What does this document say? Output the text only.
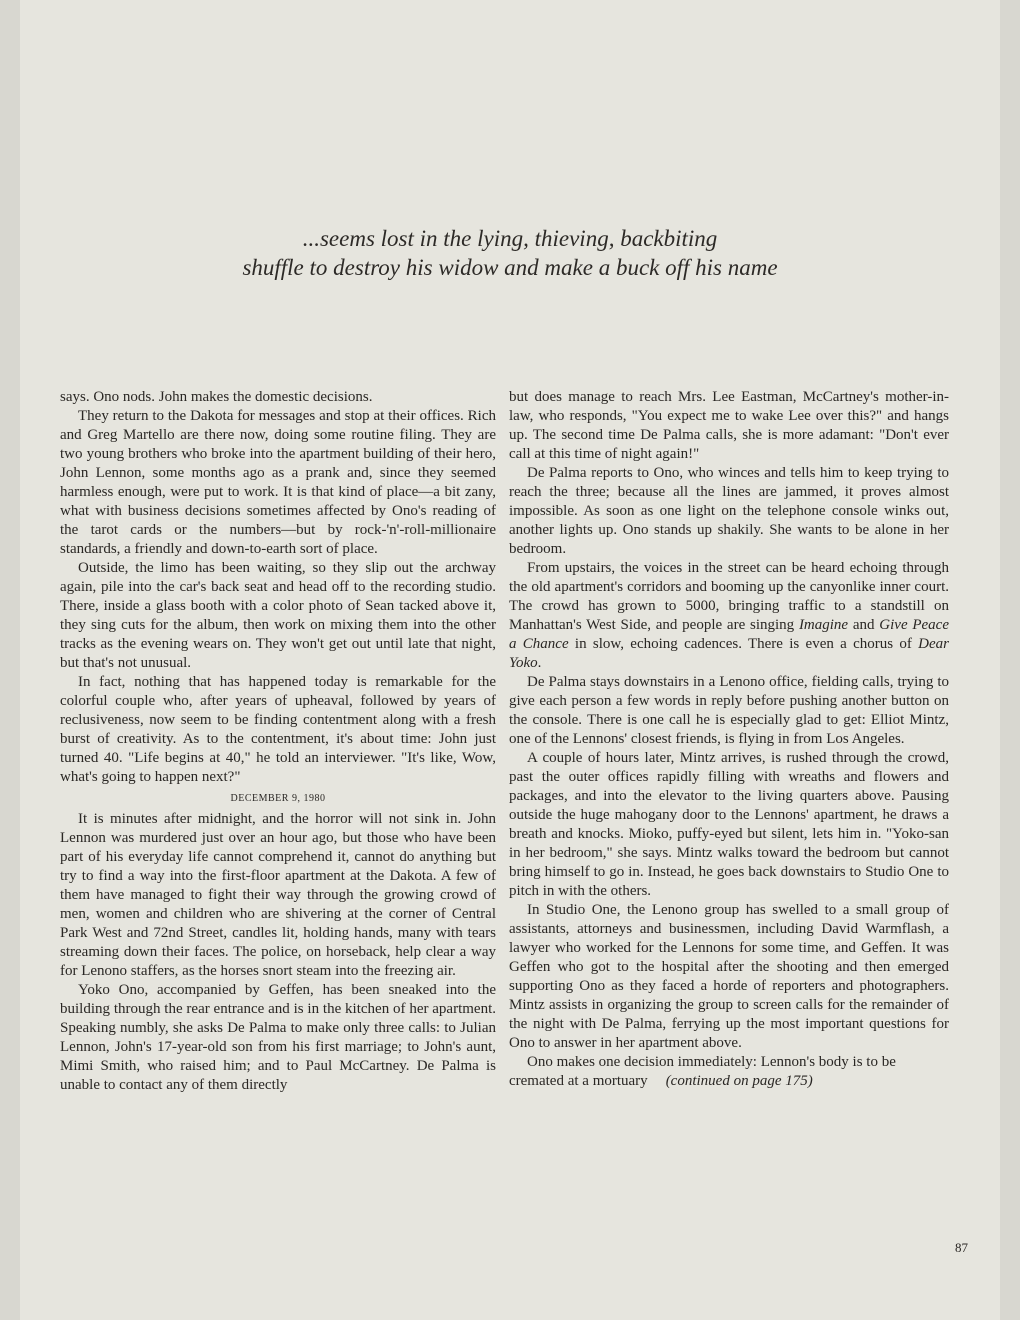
...seems lost in the lying, thieving, backbiting
shuffle to destroy his widow and make a buck off his name

says. Ono nods. John makes the domestic decisions.

They return to the Dakota for messages and stop at their offices. Rich and Greg Martello are there now, doing some routine filing. They are two young brothers who broke into the apartment building of their hero, John Lennon, some months ago as a prank and, since they seemed harmless enough, were put to work. It is that kind of place—a bit zany, what with business decisions sometimes affected by Ono's reading of the tarot cards or the numbers—but by rock-'n'-roll-millionaire standards, a friendly and down-to-earth sort of place.

Outside, the limo has been waiting, so they slip out the archway again, pile into the car's back seat and head off to the recording studio. There, inside a glass booth with a color photo of Sean tacked above it, they sing cuts for the album, then work on mixing them into the other tracks as the evening wears on. They won't get out until late that night, but that's not unusual.

In fact, nothing that has happened today is remarkable for the colorful couple who, after years of upheaval, followed by years of reclusiveness, now seem to be finding contentment along with a fresh burst of creativity. As to the contentment, it's about time: John just turned 40. "Life begins at 40," he told an interviewer. "It's like, Wow, what's going to happen next?"

DECEMBER 9, 1980

It is minutes after midnight, and the horror will not sink in. John Lennon was murdered just over an hour ago, but those who have been part of his everyday life cannot comprehend it, cannot do anything but try to find a way into the first-floor apartment at the Dakota. A few of them have managed to fight their way through the growing crowd of men, women and children who are shivering at the corner of Central Park West and 72nd Street, candles lit, holding hands, many with tears streaming down their faces. The police, on horseback, help clear a way for Lenono staffers, as the horses snort steam into the freezing air.

Yoko Ono, accompanied by Geffen, has been sneaked into the building through the rear entrance and is in the kitchen of her apartment. Speaking numbly, she asks De Palma to make only three calls: to Julian Lennon, John's 17-year-old son from his first marriage; to John's aunt, Mimi Smith, who raised him; and to Paul McCartney. De Palma is unable to contact any of them directly

but does manage to reach Mrs. Lee Eastman, McCartney's mother-in-law, who responds, "You expect me to wake Lee over this?" and hangs up. The second time De Palma calls, she is more adamant: "Don't ever call at this time of night again!"

De Palma reports to Ono, who winces and tells him to keep trying to reach the three; because all the lines are jammed, it proves almost impossible. As soon as one light on the telephone console winks out, another lights up. Ono stands up shakily. She wants to be alone in her bedroom.

From upstairs, the voices in the street can be heard echoing through the old apartment's corridors and booming up the canyonlike inner court. The crowd has grown to 5000, bringing traffic to a standstill on Manhattan's West Side, and people are singing Imagine and Give Peace a Chance in slow, echoing cadences. There is even a chorus of Dear Yoko.

De Palma stays downstairs in a Lenono office, fielding calls, trying to give each person a few words in reply before pushing another button on the console. There is one call he is especially glad to get: Elliot Mintz, one of the Lennons' closest friends, is flying in from Los Angeles.

A couple of hours later, Mintz arrives, is rushed through the crowd, past the outer offices rapidly filling with wreaths and flowers and packages, and into the elevator to the living quarters above. Pausing outside the huge mahogany door to the Lennons' apartment, he draws a breath and knocks. Mioko, puffy-eyed but silent, lets him in. "Yoko-san in her bedroom," she says. Mintz walks toward the bedroom but cannot bring himself to go in. Instead, he goes back downstairs to Studio One to pitch in with the others.

In Studio One, the Lenono group has swelled to a small group of assistants, attorneys and businessmen, including David Warmflash, a lawyer who worked for the Lennons for some time, and Geffen. It was Geffen who got to the hospital after the shooting and then emerged supporting Ono as they faced a horde of reporters and photographers. Mintz assists in organizing the group to screen calls for the remainder of the night with De Palma, ferrying up the most important questions for Ono to answer in her apartment above.

Ono makes one decision immediately: Lennon's body is to be cremated at a mortuary (continued on page 175)

87
